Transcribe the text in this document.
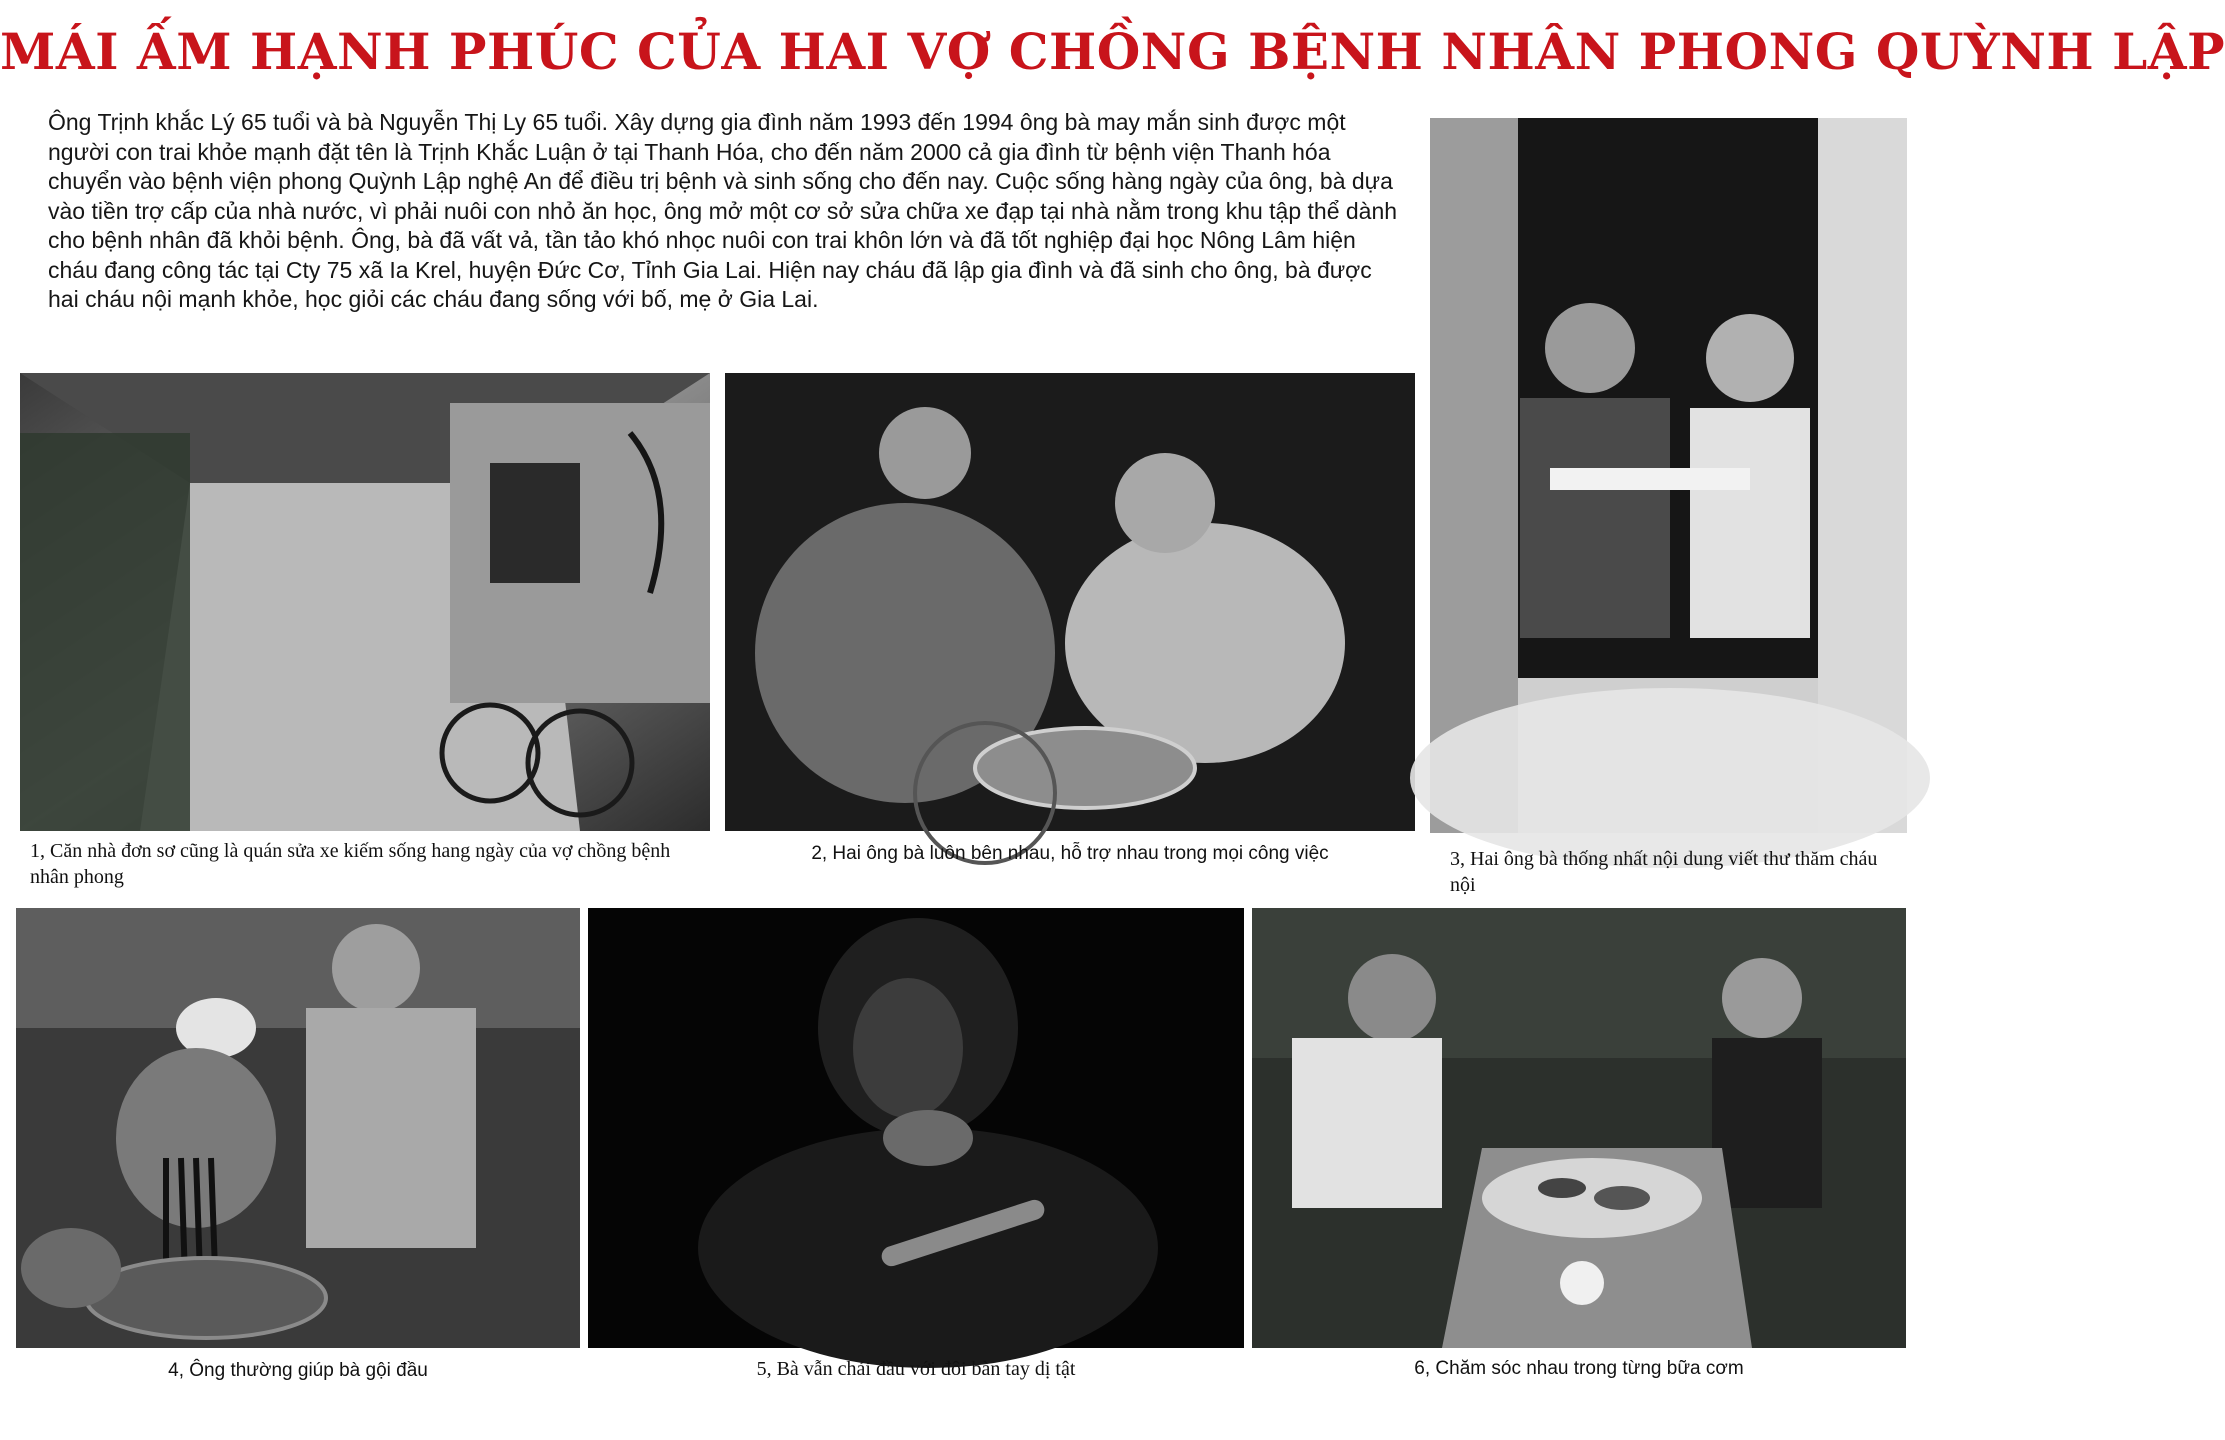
MÁI ẤM HẠNH PHÚC CỦA HAI VỢ CHỒNG BỆNH NHÂN PHONG QUỲNH LẬP
Ông Trịnh khắc Lý 65 tuổi và bà Nguyễn Thị Ly 65 tuổi. Xây dựng gia đình năm 1993 đến 1994 ông bà may mắn sinh được một người con trai khỏe mạnh đặt tên là Trịnh Khắc Luận ở tại Thanh Hóa, cho đến năm 2000 cả gia đình từ bệnh viện Thanh hóa chuyển vào bệnh viện phong Quỳnh Lập nghệ An để điều trị bệnh và sinh sống cho đến nay. Cuộc sống hàng ngày của ông, bà dựa vào tiền trợ cấp của nhà nước, vì phải nuôi con nhỏ ăn học, ông mở một cơ sở sửa chữa xe đạp tại nhà nằm trong khu tập thể dành cho bệnh nhân đã khỏi bệnh. Ông, bà đã vất vả, tần tảo khó nhọc nuôi con trai khôn lớn và đã tốt nghiệp đại học Nông Lâm hiện cháu đang công tác tại Cty 75 xã Ia Krel, huyện Đức Cơ, Tỉnh Gia Lai. Hiện nay cháu đã lập gia đình và đã sinh cho ông, bà được hai cháu nội mạnh khỏe, học giỏi các cháu đang sống với bố, mẹ ở Gia Lai.
1, Căn nhà đơn sơ cũng là quán sửa xe kiếm sống hang ngày của vợ chồng bệnh nhân phong
2, Hai ông bà luôn bên nhau, hỗ trợ nhau trong mọi công việc	3, Hai ông bà thống nhất nội dung viết thư thăm cháu nội
4, Ông thường giúp bà gội đầu	5, Bà vẫn chải đầu với đôi bàn tay dị tật	6, Chăm sóc nhau trong từng bữa cơm
